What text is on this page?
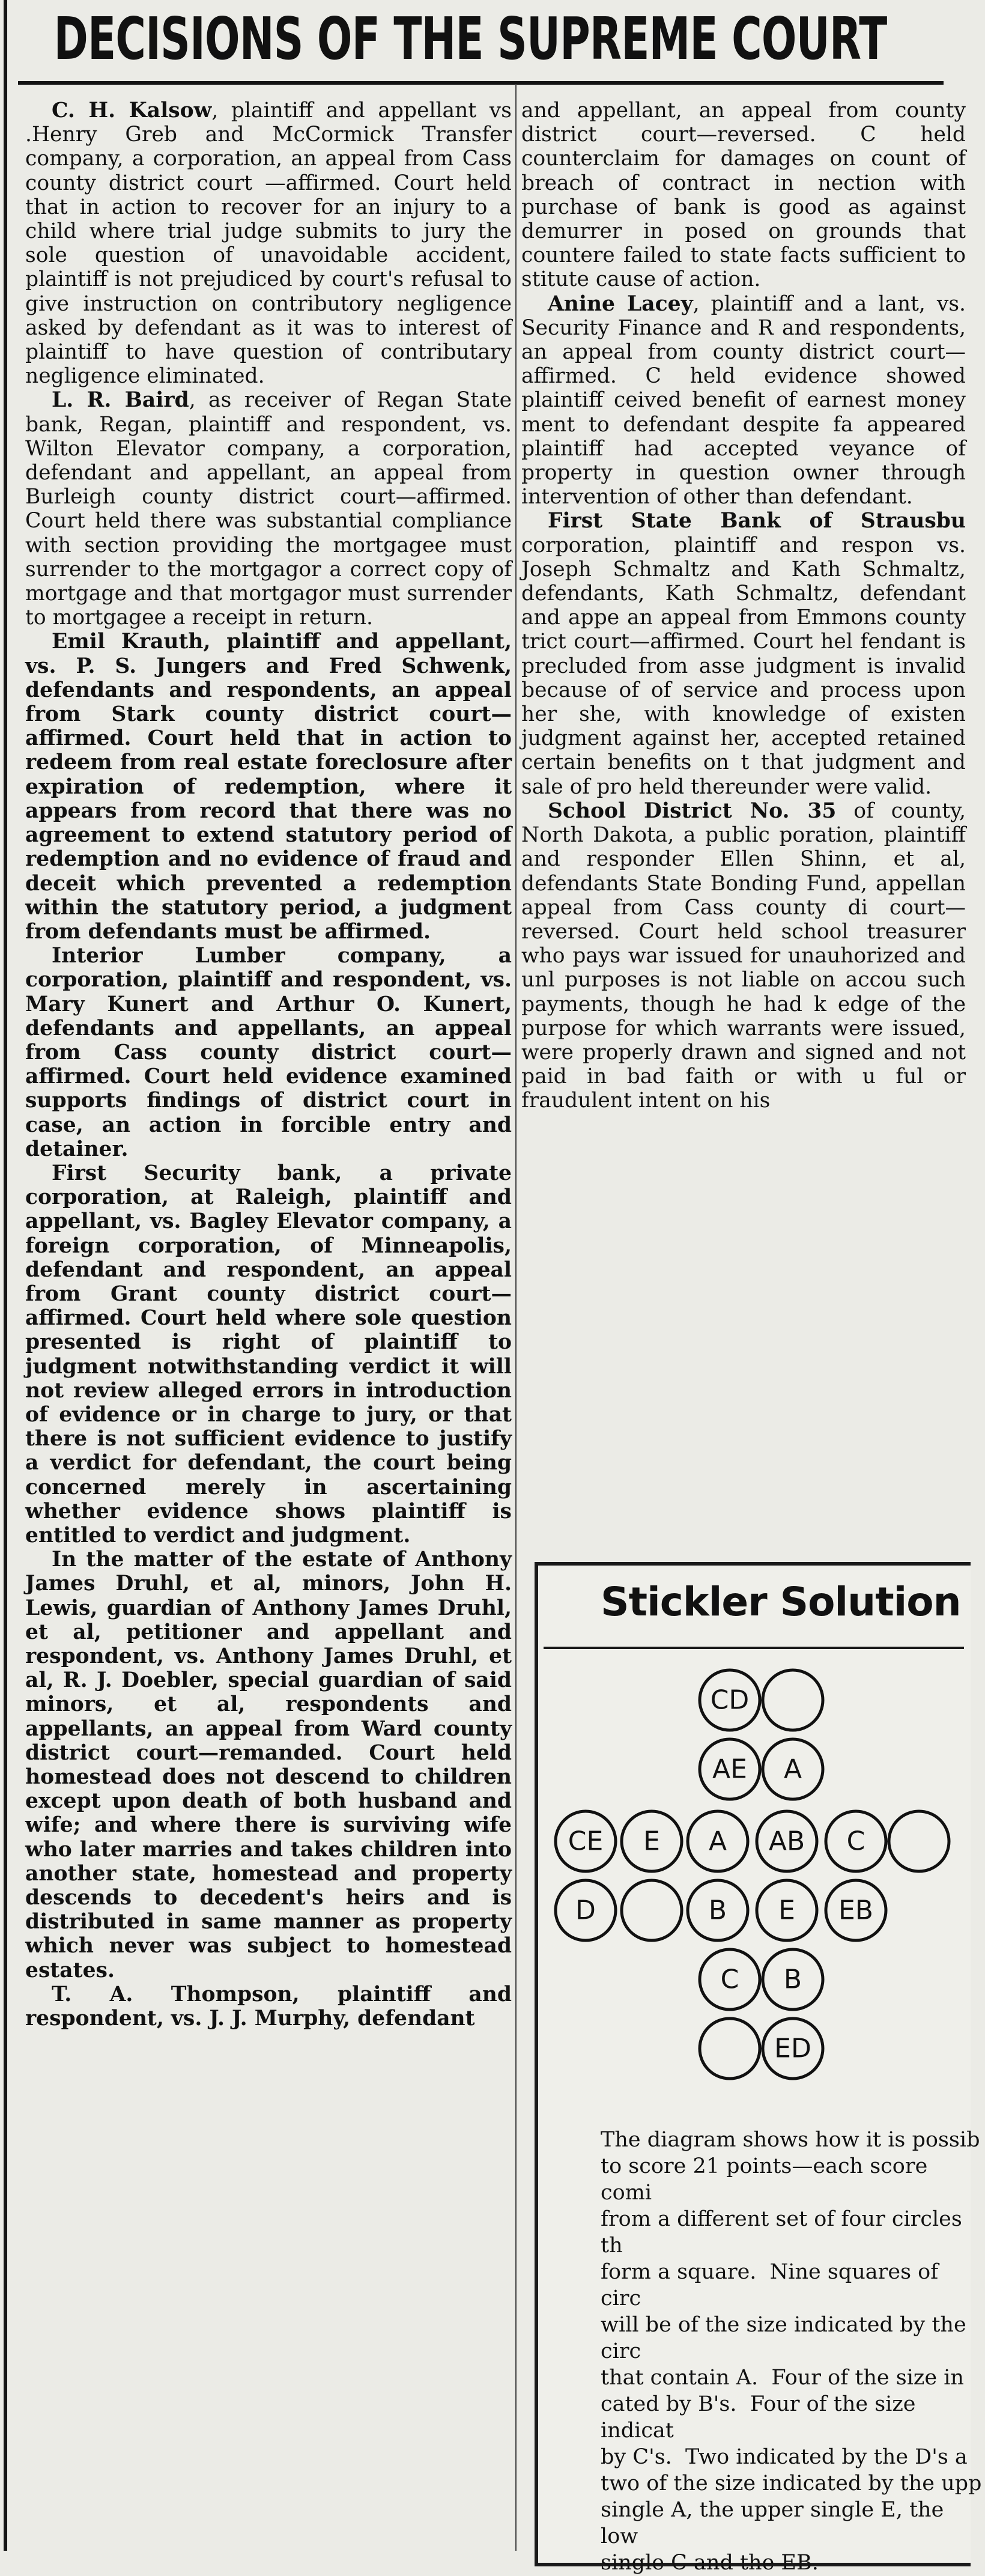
DECISIONS OF THE SUPREME COURT

C. H. Kalsow, plaintiff and appellant vs .Henry Greb and McCormick Transfer company, a corporation, an appeal from Cass county district court —affirmed. Court held that in action to recover for an injury to a child where trial judge submits to jury the sole question of unavoidable accident, plaintiff is not prejudiced by court's refusal to give instruction on contributory negligence asked by defendant as it was to interest of plaintiff to have question of contributary negligence eliminated.

L. R. Baird, as receiver of Regan State bank, Regan, plaintiff and respondent, vs. Wilton Elevator company, a corporation, defendant and appellant, an appeal from Burleigh county district court—affirmed. Court held there was substantial compliance with section providing the mortgagee must surrender to the mortgagor a correct copy of mortgage and that mortgagor must surrender to mortgagee a receipt in return.

Emil Krauth, plaintiff and appellant, vs. P. S. Jungers and Fred Schwenk, defendants and respondents, an appeal from Stark county district court—affirmed. Court held that in action to redeem from real estate foreclosure after expiration of redemption, where it appears from record that there was no agreement to extend statutory period of redemption and no evidence of fraud and deceit which prevented a redemption within the statutory period, a judgment from defendants must be affirmed.

Interior Lumber company, a corporation, plaintiff and respondent, vs. Mary Kunert and Arthur O. Kunert, defendants and appellants, an appeal from Cass county district court—affirmed. Court held evidence examined supports findings of district court in case, an action in forcible entry and detainer.

First Security bank, a private corporation, at Raleigh, plaintiff and appellant, vs. Bagley Elevator company, a foreign corporation, of Minneapolis, defendant and respondent, an appeal from Grant county district court—affirmed. Court held where sole question presented is right of plaintiff to judgment notwithstanding verdict it will not review alleged errors in introduction of evidence or in charge to jury, or that there is not sufficient evidence to justify a verdict for defendant, the court being concerned merely in ascertaining whether evidence shows plaintiff is entitled to verdict and judgment.

In the matter of the estate of Anthony James Druhl, et al, minors, John H. Lewis, guardian of Anthony James Druhl, et al, petitioner and appellant and respondent, vs. Anthony James Druhl, et al, R. J. Doebler, special guardian of said minors, et al, respondents and appellants, an appeal from Ward county district court—remanded. Court held homestead does not descend to children except upon death of both husband and wife; and where there is surviving wife who later marries and takes children into another state, homestead and property descends to decedent's heirs and is distributed in same manner as property which never was subject to homestead estates.

T. A. Thompson, plaintiff and respondent, vs. J. J. Murphy, defendant

and appellant, an appeal from county district court—reversed. C held counterclaim for damages on count of breach of contract in nection with purchase of bank is good as against demurrer in posed on grounds that countere failed to state facts sufficient to stitute cause of action.

Anine Lacey, plaintiff and a lant, vs. Security Finance and R and respondents, an appeal from county district court—affirmed. C held evidence showed plaintiff ceived benefit of earnest money ment to defendant despite fa appeared plaintiff had accepted veyance of property in question owner through intervention of other than defendant.

First State Bank of Strausbu corporation, plaintiff and respon vs. Joseph Schmaltz and Kath Schmaltz, defendants, Kath Schmaltz, defendant and appe an appeal from Emmons county trict court—affirmed. Court hel fendant is precluded from asse judgment is invalid because of of service and process upon her she, with knowledge of existen judgment against her, accepted retained certain benefits on t that judgment and sale of pro held thereunder were valid.

School District No. 35 of county, North Dakota, a public poration, plaintiff and responder Ellen Shinn, et al, defendants State Bonding Fund, appellan appeal from Cass county di court—reversed. Court held school treasurer who pays war issued for unauhorized and unl purposes is not liable on accou such payments, though he had k edge of the purpose for which warrants were issued, were properly drawn and signed and not paid in bad faith or with u ful or fraudulent intent on his

Stickler Solution
CD
AE A
CE E A AB C
D	B E EB
C B
ED
The diagram shows how it is possib
to score 21 points—each score comi
from a different set of four circles th
form a square.  Nine squares of circ
will be of the size indicated by the circ
that contain A.  Four of the size in
cated by B's.  Four of the size indicat
by C's.  Two indicated by the D's a
two of the size indicated by the upp
single A, the upper single E, the low
single C and the EB.
